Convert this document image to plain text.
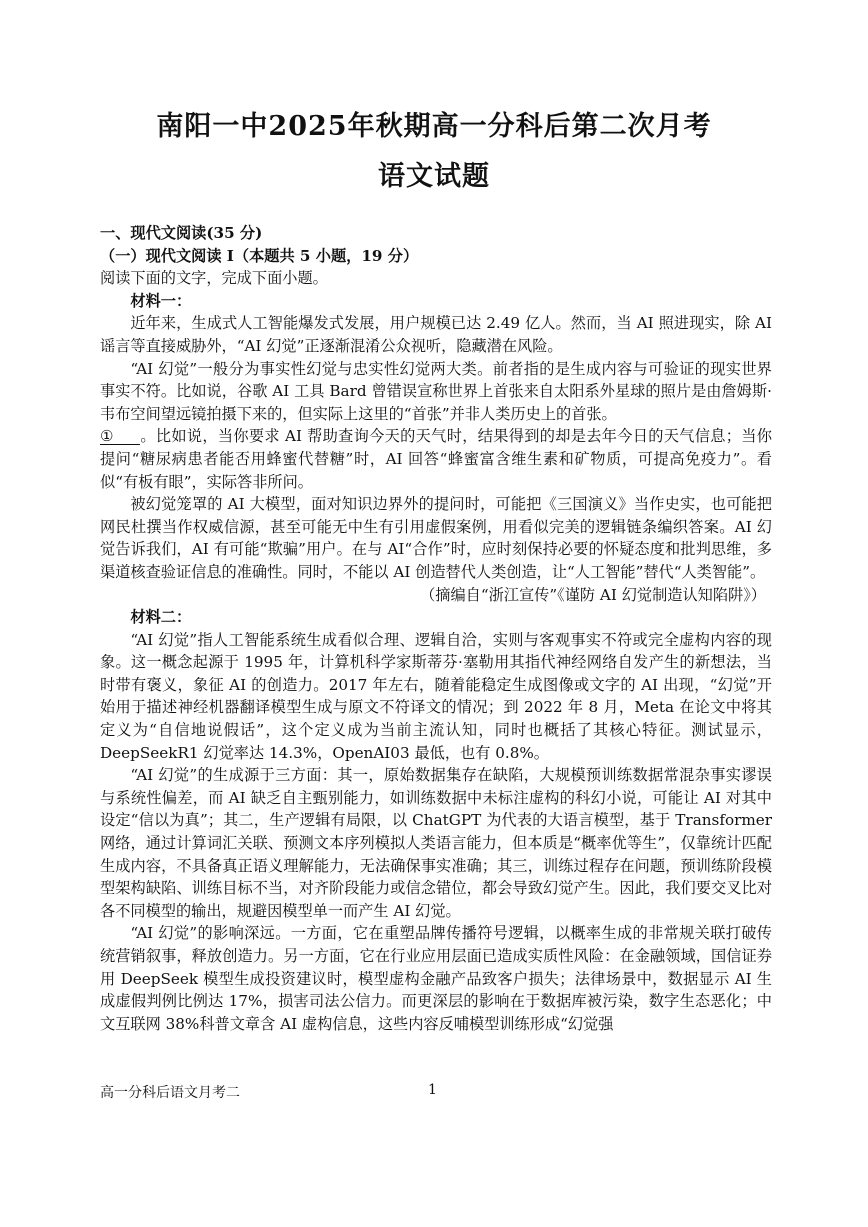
南阳一中2025年秋期高一分科后第二次月考
语文试题

一、现代文阅读(35 分)

（一）现代文阅读 I（本题共 5 小题，19 分）

阅读下面的文字，完成下面小题。

材料一：

近年来，生成式人工智能爆发式发展，用户规模已达 2.49 亿人。然而，当 AI 照进现实，除 AI 谣言等直接威胁外，“AI 幻觉”正逐渐混淆公众视听，隐藏潜在风险。

“AI 幻觉”一般分为事实性幻觉与忠实性幻觉两大类。前者指的是生成内容与可验证的现实世界事实不符。比如说，谷歌 AI 工具 Bard 曾错误宣称世界上首张来自太阳系外星球的照片是由詹姆斯·韦布空间望远镜拍摄下来的，但实际上这里的“首张”并非人类历史上的首张。

① 。比如说，当你要求 AI 帮助查询今天的天气时，结果得到的却是去年今日的天气信息；当你提问“糖尿病患者能否用蜂蜜代替糖”时，AI 回答“蜂蜜富含维生素和矿物质，可提高免疫力”。看似“有板有眼”，实际答非所问。

被幻觉笼罩的 AI 大模型，面对知识边界外的提问时，可能把《三国演义》当作史实，也可能把网民杜撰当作权威信源，甚至可能无中生有引用虚假案例，用看似完美的逻辑链条编织答案。AI 幻觉告诉我们，AI 有可能“欺骗”用户。在与 AI“合作”时，应时刻保持必要的怀疑态度和批判思维，多渠道核查验证信息的准确性。同时，不能以 AI 创造替代人类创造，让“人工智能”替代“人类智能”。

（摘编自“浙江宣传”《谨防 AI 幻觉制造认知陷阱》）

材料二：

“AI 幻觉”指人工智能系统生成看似合理、逻辑自洽，实则与客观事实不符或完全虚构内容的现象。这一概念起源于 1995 年，计算机科学家斯蒂芬·塞勒用其指代神经网络自发产生的新想法，当时带有褒义，象征 AI 的创造力。2017 年左右，随着能稳定生成图像或文字的 AI 出现，“幻觉”开始用于描述神经机器翻译模型生成与原文不符译文的情况；到 2022 年 8 月，Meta 在论文中将其定义为“自信地说假话”，这个定义成为当前主流认知，同时也概括了其核心特征。测试显示，DeepSeekR1 幻觉率达 14.3%，OpenAI03 最低，也有 0.8%。

“AI 幻觉”的生成源于三方面：其一，原始数据集存在缺陷，大规模预训练数据常混杂事实谬误与系统性偏差，而 AI 缺乏自主甄别能力，如训练数据中未标注虚构的科幻小说，可能让 AI 对其中设定“信以为真”；其二，生产逻辑有局限，以 ChatGPT 为代表的大语言模型，基于 Transformer 网络，通过计算词汇关联、预测文本序列模拟人类语言能力，但本质是“概率优等生”，仅靠统计匹配生成内容，不具备真正语义理解能力，无法确保事实准确；其三，训练过程存在问题，预训练阶段模型架构缺陷、训练目标不当，对齐阶段能力或信念错位，都会导致幻觉产生。因此，我们要交叉比对各不同模型的输出，规避因模型单一而产生 AI 幻觉。

“AI 幻觉”的影响深远。一方面，它在重塑品牌传播符号逻辑，以概率生成的非常规关联打破传统营销叙事，释放创造力。另一方面，它在行业应用层面已造成实质性风险：在金融领域，国信证券用 DeepSeek 模型生成投资建议时，模型虚构金融产品致客户损失；法律场景中，数据显示 AI 生成虚假判例比例达 17%，损害司法公信力。而更深层的影响在于数据库被污染，数字生态恶化；中文互联网 38%科普文章含 AI 虚构信息，这些内容反哺模型训练形成“幻觉强

高一分科后语文月考二	1
